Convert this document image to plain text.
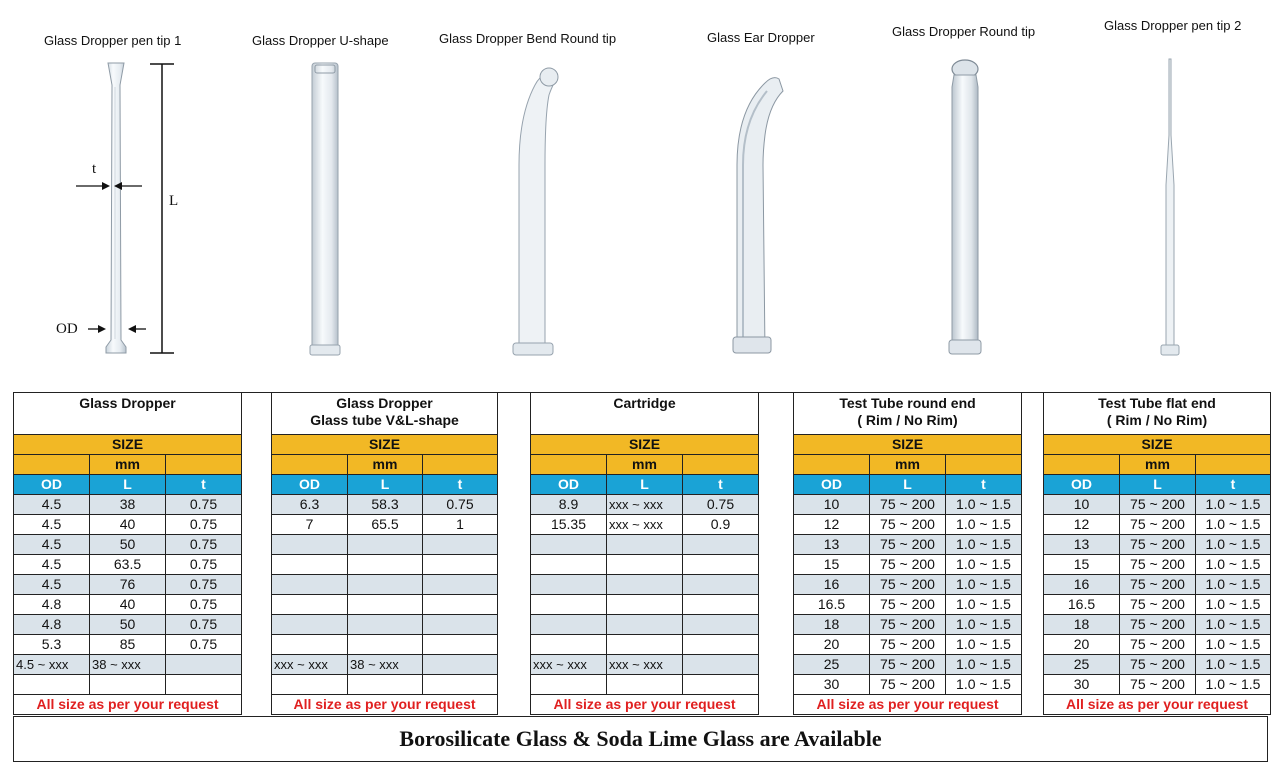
Glass Dropper pen tip 1	Glass Dropper U-shape	Glass Dropper Bend Round tip	Glass Ear Dropper	Glass Dropper Round tip	Glass Dropper pen tip 2
t
L
OD
Glass Dropper		

SIZE		
	mm	
OD	L	t
4.5	38	0.75
4.5	40	0.75
4.5	50	0.75
4.5	63.5	0.75
4.5	76	0.75
4.8	40	0.75
4.8	50	0.75
5.3	85	0.75
4.5 ~ xxx	38 ~ xxx	

All size as per your request		
Glass Dropper
Glass tube V&L-shape		

SIZE		
	mm	
OD	L	t
6.3	58.3	0.75
7	65.5	1

xxx ~ xxx	38 ~ xxx	

All size as per your request		
Cartridge		

SIZE		
	mm	
OD	L	t
8.9	xxx ~ xxx	0.75
15.35	xxx ~ xxx	0.9

xxx ~ xxx	xxx ~ xxx	

All size as per your request		
Test Tube round end
( Rim / No Rim)		

SIZE		
	mm	
OD	L	t
10	75 ~ 200	1.0 ~ 1.5
12	75 ~ 200	1.0 ~ 1.5
13	75 ~ 200	1.0 ~ 1.5
15	75 ~ 200	1.0 ~ 1.5
16	75 ~ 200	1.0 ~ 1.5
16.5	75 ~ 200	1.0 ~ 1.5
18	75 ~ 200	1.0 ~ 1.5
20	75 ~ 200	1.0 ~ 1.5
25	75 ~ 200	1.0 ~ 1.5
30	75 ~ 200	1.0 ~ 1.5
All size as per your request		
Test Tube flat end
( Rim / No Rim)		

SIZE		
	mm	
OD	L	t
10	75 ~ 200	1.0 ~ 1.5
12	75 ~ 200	1.0 ~ 1.5
13	75 ~ 200	1.0 ~ 1.5
15	75 ~ 200	1.0 ~ 1.5
16	75 ~ 200	1.0 ~ 1.5
16.5	75 ~ 200	1.0 ~ 1.5
18	75 ~ 200	1.0 ~ 1.5
20	75 ~ 200	1.0 ~ 1.5
25	75 ~ 200	1.0 ~ 1.5
30	75 ~ 200	1.0 ~ 1.5
All size as per your request		
Borosilicate Glass & Soda Lime Glass are Available
